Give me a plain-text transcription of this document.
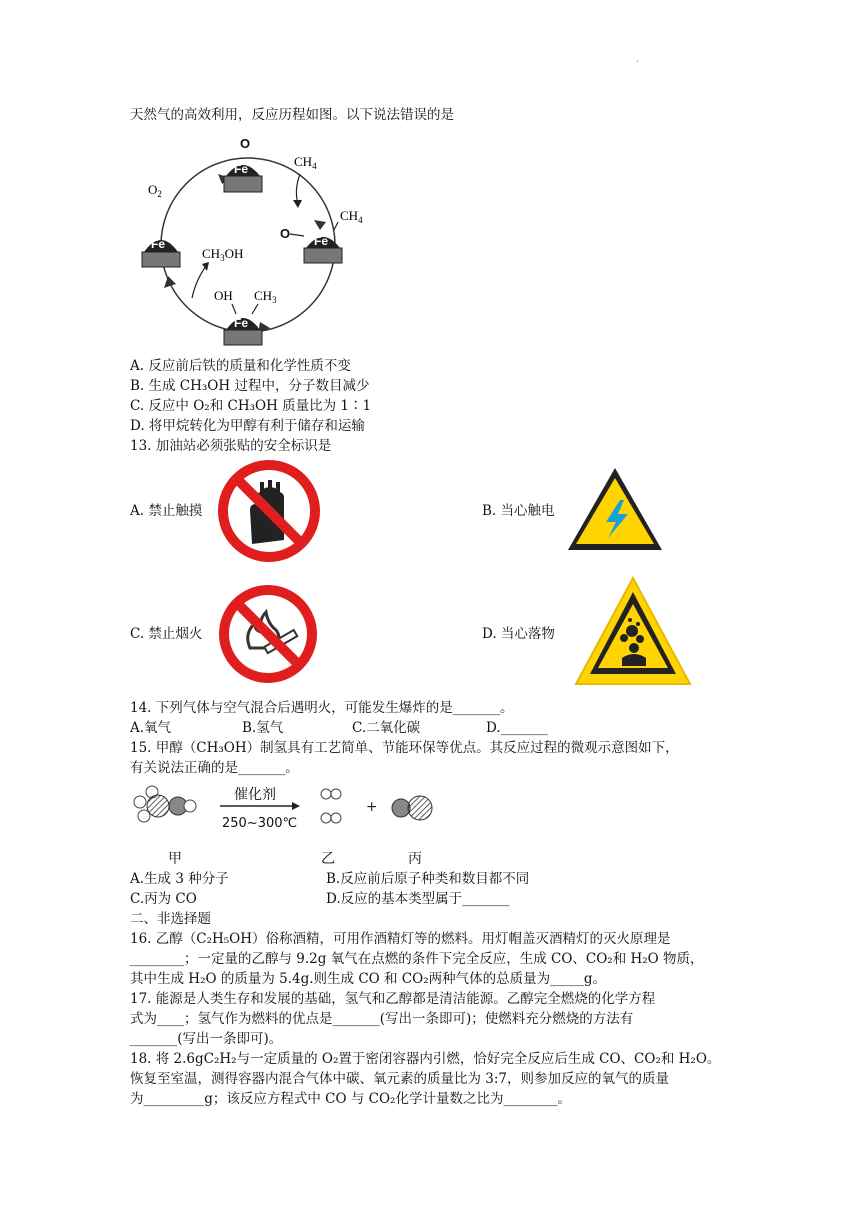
'
天然气的高效利用，反应历程如图。以下说法错误的是
O
Fe
O Fe
$CH_4$
OH $CH_3$
Fe
Fe
$O_2$
$CH_4$
$CH_3OH$
A. 反应前后铁的质量和化学性质不变
B. 生成 CH₃OH 过程中，分子数目减少
C. 反应中 O₂和 CH₃OH 质量比为 1∶1
D. 将甲烷转化为甲醇有利于储存和运输
13. 加油站必须张贴的安全标识是
A. 禁止触摸	B. 当心触电
C. 禁止烟火	D. 当心落物
14. 下列气体与空气混合后遇明火，可能发生爆炸的是_______。
A.氧气	B.氢气	C.二氧化碳	D._______
15. 甲醇（CH₃OH）制氢具有工艺简单、节能环保等优点。其反应过程的微观示意图如下，
有关说法正确的是_______。
催化剂
250~300℃
+
甲	乙	丙
A.生成 3 种分子	B.反应前后原子种类和数目都不同
C.丙为 CO	D.反应的基本类型属于_______
二、非选择题
16. 乙醇（C₂H₅OH）俗称酒精，可用作酒精灯等的燃料。用灯帽盖灭酒精灯的灭火原理是
________；一定量的乙醇与 9.2g 氧气在点燃的条件下完全反应，生成 CO、CO₂和 H₂O 物质，
其中生成 H₂O 的质量为 5.4g.则生成 CO 和 CO₂两种气体的总质量为_____g。
17. 能源是人类生存和发展的基础，氢气和乙醇都是清洁能源。乙醇完全燃烧的化学方程
式为____；氢气作为燃料的优点是_______(写出一条即可)；使燃料充分燃烧的方法有
_______(写出一条即可)。
18. 将 2.6gC₂H₂与一定质量的 O₂置于密闭容器内引燃，恰好完全反应后生成 CO、CO₂和 H₂O。
恢复至室温，测得容器内混合气体中碳、氧元素的质量比为 3:7，则参加反应的氧气的质量
为_________g；该反应方程式中 CO 与 CO₂化学计量数之比为________。
